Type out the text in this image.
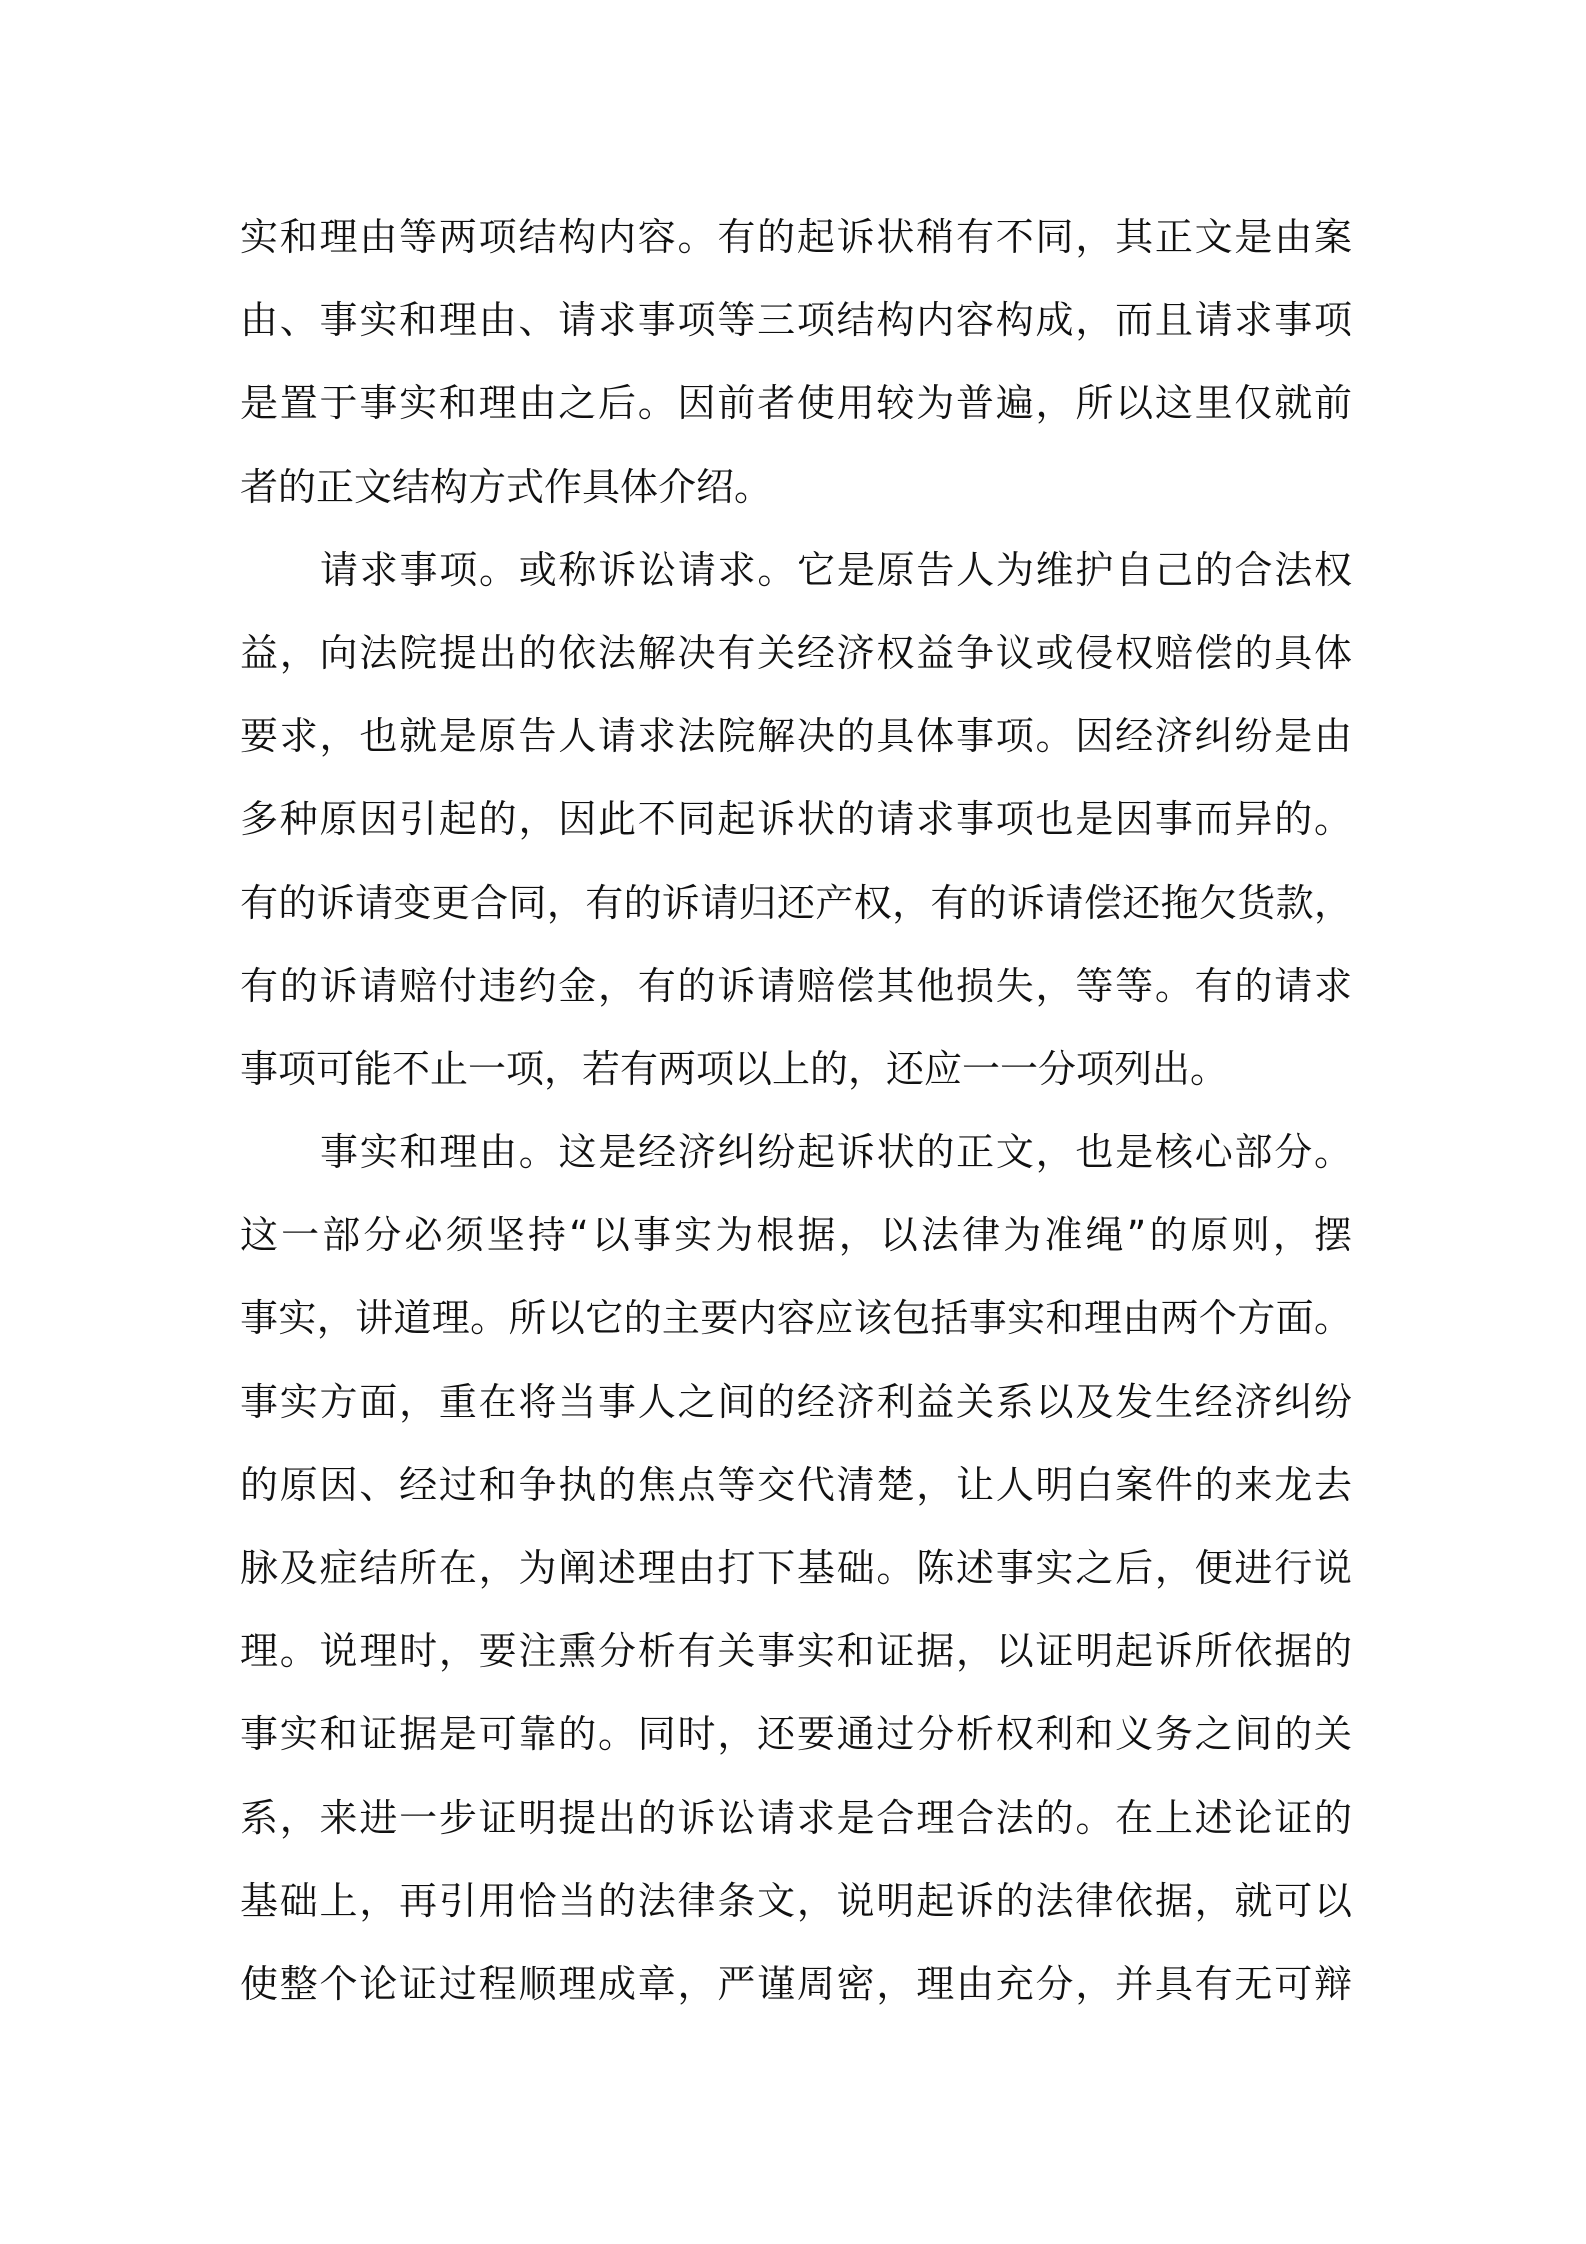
实和理由等两项结构内容。有的起诉状稍有不同，其正文是由案
由、事实和理由、请求事项等三项结构内容构成，而且请求事项
是置于事实和理由之后。因前者使用较为普遍，所以这里仅就前
者的正文结构方式作具体介绍。
请求事项。或称诉讼请求。它是原告人为维护自己的合法权
益，向法院提出的依法解决有关经济权益争议或侵权赔偿的具体
要求，也就是原告人请求法院解决的具体事项。因经济纠纷是由
多种原因引起的，因此不同起诉状的请求事项也是因事而异的。
有的诉请变更合同，有的诉请归还产权，有的诉请偿还拖欠货款，
有的诉请赔付违约金，有的诉请赔偿其他损失，等等。有的请求
事项可能不止一项，若有两项以上的，还应一一分项列出。
事实和理由。这是经济纠纷起诉状的正文，也是核心部分。
这一部分必须坚持“以事实为根据，以法律为准绳”的原则，摆
事实，讲道理。所以它的主要内容应该包括事实和理由两个方面。
事实方面，重在将当事人之间的经济利益关系以及发生经济纠纷
的原因、经过和争执的焦点等交代清楚，让人明白案件的来龙去
脉及症结所在，为阐述理由打下基础。陈述事实之后，便进行说
理。说理时，要注熏分析有关事实和证据，以证明起诉所依据的
事实和证据是可靠的。同时，还要通过分析权利和义务之间的关
系，来进一步证明提出的诉讼请求是合理合法的。在上述论证的
基础上，再引用恰当的法律条文，说明起诉的法律依据，就可以
使整个论证过程顺理成章，严谨周密，理由充分，并具有无可辩
